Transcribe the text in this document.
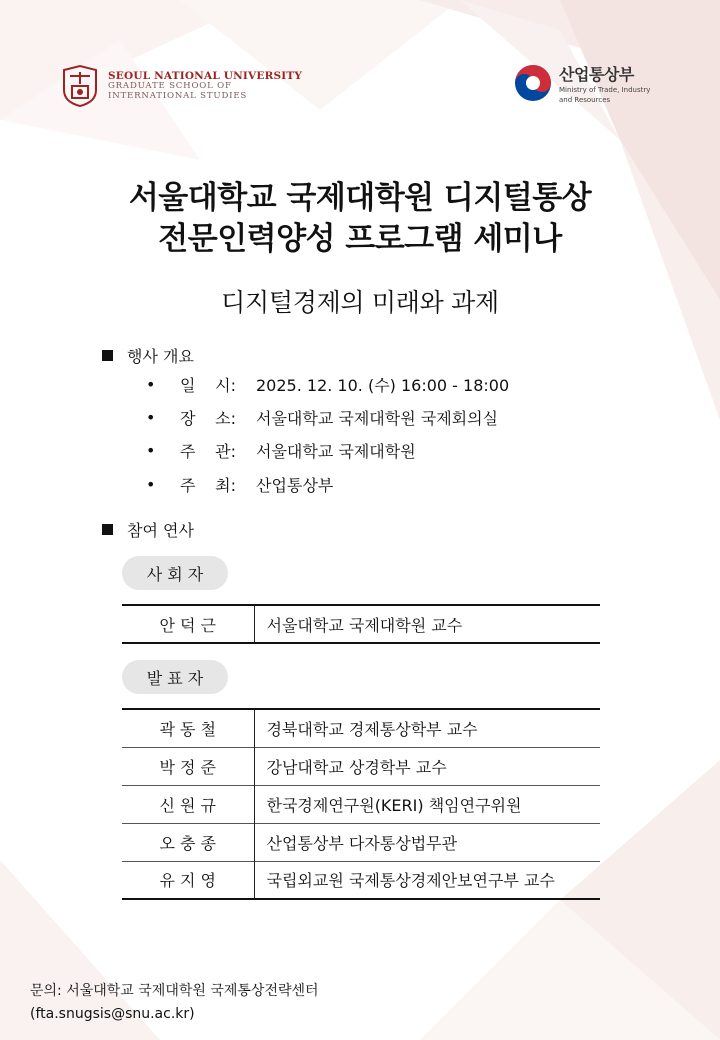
SEOUL NATIONAL UNIVERSITY
GRADUATE SCHOOL OF
INTERNATIONAL STUDIES
산업통상부
Ministry of Trade, Industry
and Resources
서울대학교 국제대학원 디지털통상
전문인력양성 프로그램 세미나
디지털경제의 미래와 과제
행사 개요
•	일 시: 2025. 12. 10. (수) 16:00 - 18:00
•	장 소: 서울대학교 국제대학원 국제회의실
•	주 관: 서울대학교 국제대학원
•	주 최: 산업통상부
참여 연사
사 회 자
안 덕 근	서울대학교 국제대학원 교수
발 표 자
곽 동 철	경북대학교 경제통상학부 교수
박 정 준	강남대학교 상경학부 교수
신 원 규	한국경제연구원(KERI) 책임연구위원
오 충 종	산업통상부 다자통상법무관
유 지 영	국립외교원 국제통상경제안보연구부 교수
문의: 서울대학교 국제대학원 국제통상전략센터
(fta.snugsis@snu.ac.kr)
